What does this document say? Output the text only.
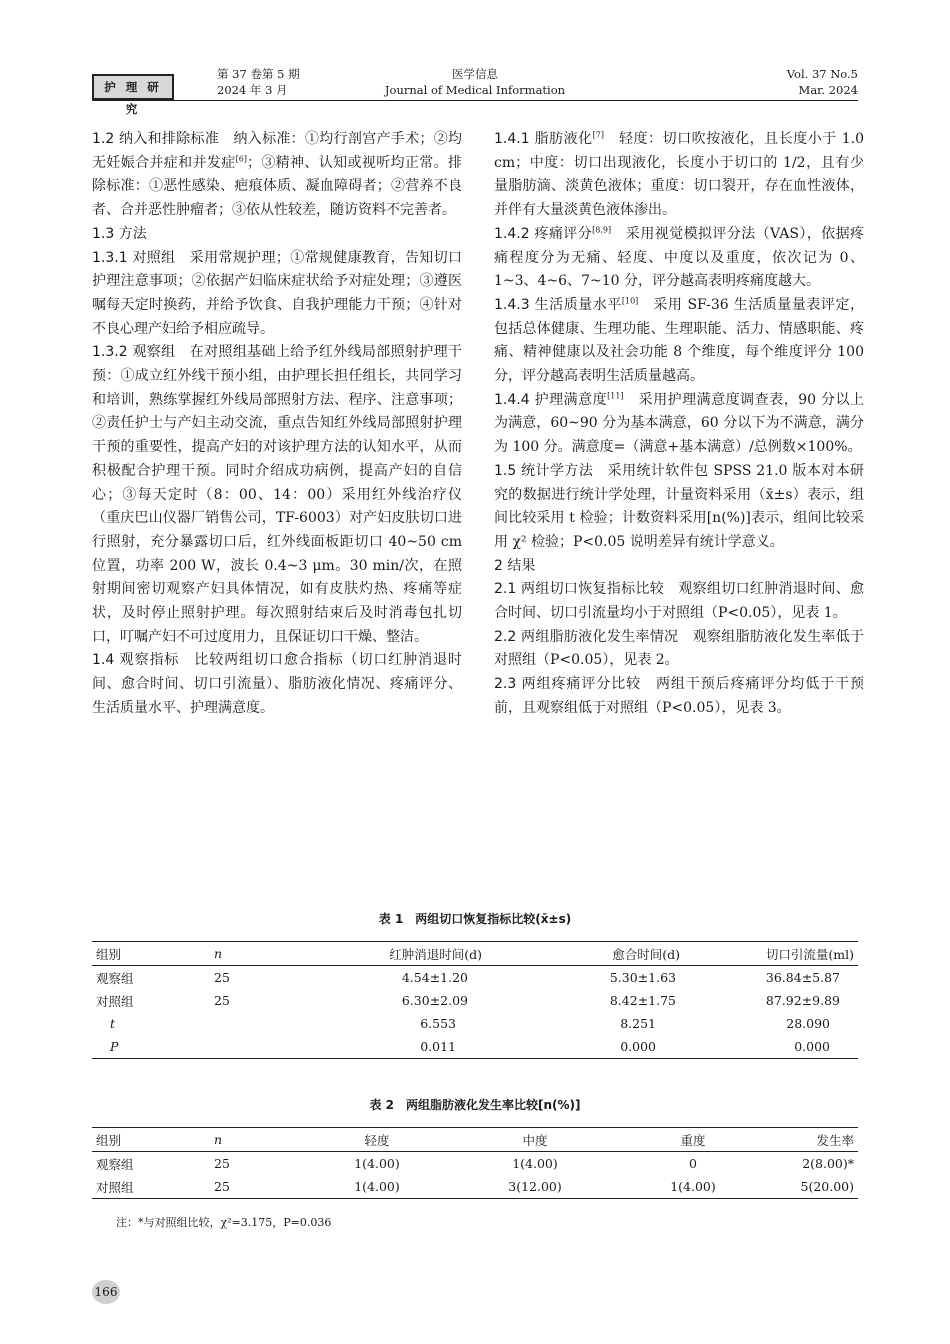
护 理 研 究
第 37 卷第 5 期
2024 年 3 月
医学信息
Journal of Medical Information
Vol. 37 No.5
Mar. 2024

1.2 纳入和排除标准　纳入标准：①均行剖宫产手术；②均无妊娠合并症和并发症[6]；③精神、认知或视听均正常。排除标准：①恶性感染、疤痕体质、凝血障碍者；②营养不良者、合并恶性肿瘤者；③依从性较差，随访资料不完善者。

1.3 方法

1.3.1 对照组　采用常规护理；①常规健康教育，告知切口护理注意事项；②依据产妇临床症状给予对症处理；③遵医嘱每天定时换药，并给予饮食、自我护理能力干预；④针对不良心理产妇给予相应疏导。

1.3.2 观察组　在对照组基础上给予红外线局部照射护理干预：①成立红外线干预小组，由护理长担任组长，共同学习和培训，熟练掌握红外线局部照射方法、程序、注意事项；②责任护士与产妇主动交流，重点告知红外线局部照射护理干预的重要性，提高产妇的对该护理方法的认知水平，从而积极配合护理干预。同时介绍成功病例，提高产妇的自信心；③每天定时（8：00、14：00）采用红外线治疗仪（重庆巴山仪器厂销售公司，TF-6003）对产妇皮肤切口进行照射，充分暴露切口后，红外线面板距切口 40~50 cm 位置，功率 200 W，波长 0.4~3 μm。30 min/次，在照射期间密切观察产妇具体情况，如有皮肤灼热、疼痛等症状，及时停止照射护理。每次照射结束后及时消毒包扎切口，叮嘱产妇不可过度用力，且保证切口干燥、整洁。

1.4 观察指标　比较两组切口愈合指标（切口红肿消退时间、愈合时间、切口引流量）、脂肪液化情况、疼痛评分、生活质量水平、护理满意度。

1.4.1 脂肪液化[7]　轻度：切口吹按液化，且长度小于 1.0 cm；中度：切口出现液化，长度小于切口的 1/2，且有少量脂肪滴、淡黄色液体；重度：切口裂开，存在血性液体，并伴有大量淡黄色液体渗出。

1.4.2 疼痛评分[8,9]　采用视觉模拟评分法（VAS），依据疼痛程度分为无痛、轻度、中度以及重度，依次记为 0、1~3、4~6、7~10 分，评分越高表明疼痛度越大。

1.4.3 生活质量水平[10]　采用 SF-36 生活质量量表评定，包括总体健康、生理功能、生理职能、活力、情感职能、疼痛、精神健康以及社会功能 8 个维度，每个维度评分 100 分，评分越高表明生活质量越高。

1.4.4 护理满意度[11]　采用护理满意度调查表，90 分以上为满意，60~90 分为基本满意，60 分以下为不满意，满分为 100 分。满意度=（满意+基本满意）/总例数×100%。

1.5 统计学方法　采用统计软件包 SPSS 21.0 版本对本研究的数据进行统计学处理，计量资料采用（x̄±s）表示，组间比较采用 t 检验；计数资料采用[n(%)]表示，组间比较采用 χ² 检验；P<0.05 说明差异有统计学意义。

2 结果

2.1 两组切口恢复指标比较　观察组切口红肿消退时间、愈合时间、切口引流量均小于对照组（P<0.05），见表 1。

2.2 两组脂肪液化发生率情况　观察组脂肪液化发生率低于对照组（P<0.05），见表 2。

2.3 两组疼痛评分比较　两组干预后疼痛评分均低于干预前，且观察组低于对照组（P<0.05），见表 3。

表 1　两组切口恢复指标比较(x̄±s)
组别	n	红肿消退时间(d)	愈合时间(d)	切口引流量(ml)
观察组	25	4.54±1.20	5.30±1.63	36.84±5.87
对照组	25	6.30±2.09	8.42±1.75	87.92±9.89
t		6.553	8.251	28.090
P		0.011	0.000	0.000
表 2　两组脂肪液化发生率比较[n(%)]
组别	n	轻度	中度	重度	发生率
观察组	25	1(4.00)	1(4.00)	0	2(8.00)*
对照组	25	1(4.00)	3(12.00)	1(4.00)	5(20.00)
注：*与对照组比较，χ²=3.175，P=0.036
166
